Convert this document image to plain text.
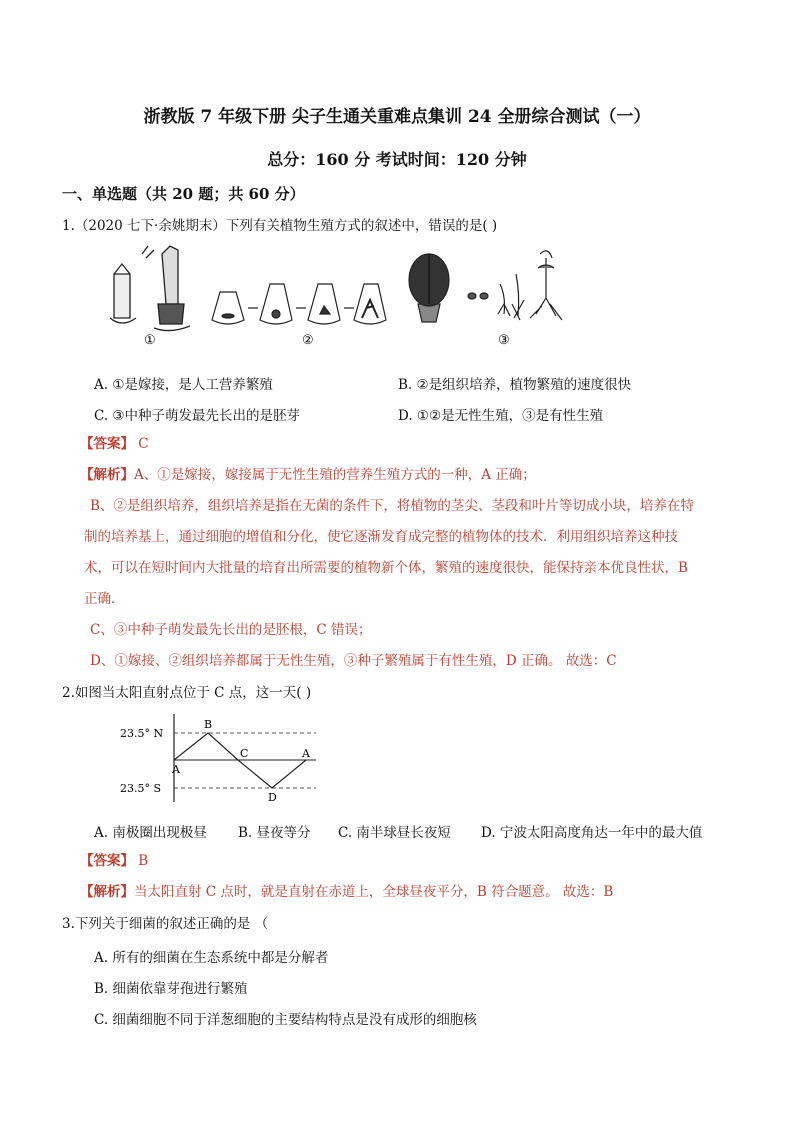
浙教版 7 年级下册 尖子生通关重难点集训 24 全册综合测试（一）
总分：160 分 考试时间：120 分钟
一、单选题（共 20 题；共 60 分）
1.（2020 七下·余姚期末）下列有关植物生殖方式的叙述中，错误的是( )
①	②	③
A. ①是嫁接，是人工营养繁殖	B. ②是组织培养，植物繁殖的速度很快
C. ③中种子萌发最先长出的是胚芽	D. ①②是无性生殖，③是有性生殖
【答案】 C
【解析】A、①是嫁接，嫁接属于无性生殖的营养生殖方式的一种，A 正确；
B、②是组织培养，组织培养是指在无菌的条件下，将植物的茎尖、茎段和叶片等切成小块，培养在特
制的培养基上，通过细胞的增值和分化，使它逐渐发育成完整的植物体的技术．利用组织培养这种技
术，可以在短时间内大批量的培育出所需要的植物新个体，繁殖的速度很快，能保持亲本优良性状，B
正确．
C、③中种子萌发最先长出的是胚根，C 错误；
D、①嫁接、②组织培养都属于无性生殖，③种子繁殖属于有性生殖，D 正确。 故选：C
2.如图当太阳直射点位于 C 点，这一天( )
23.5° N
23.5° S
B
C	A
A
D
A. 南极圈出现极昼 B. 昼夜等分 C. 南半球昼长夜短 D. 宁波太阳高度角达一年中的最大值
【答案】 B
【解析】当太阳直射 C 点时，就是直射在赤道上，全球昼夜平分，B 符合题意。 故选：B
3.下列关于细菌的叙述正确的是 （
A. 所有的细菌在生态系统中都是分解者
B. 细菌依靠芽孢进行繁殖
C. 细菌细胞不同于洋葱细胞的主要结构特点是没有成形的细胞核
